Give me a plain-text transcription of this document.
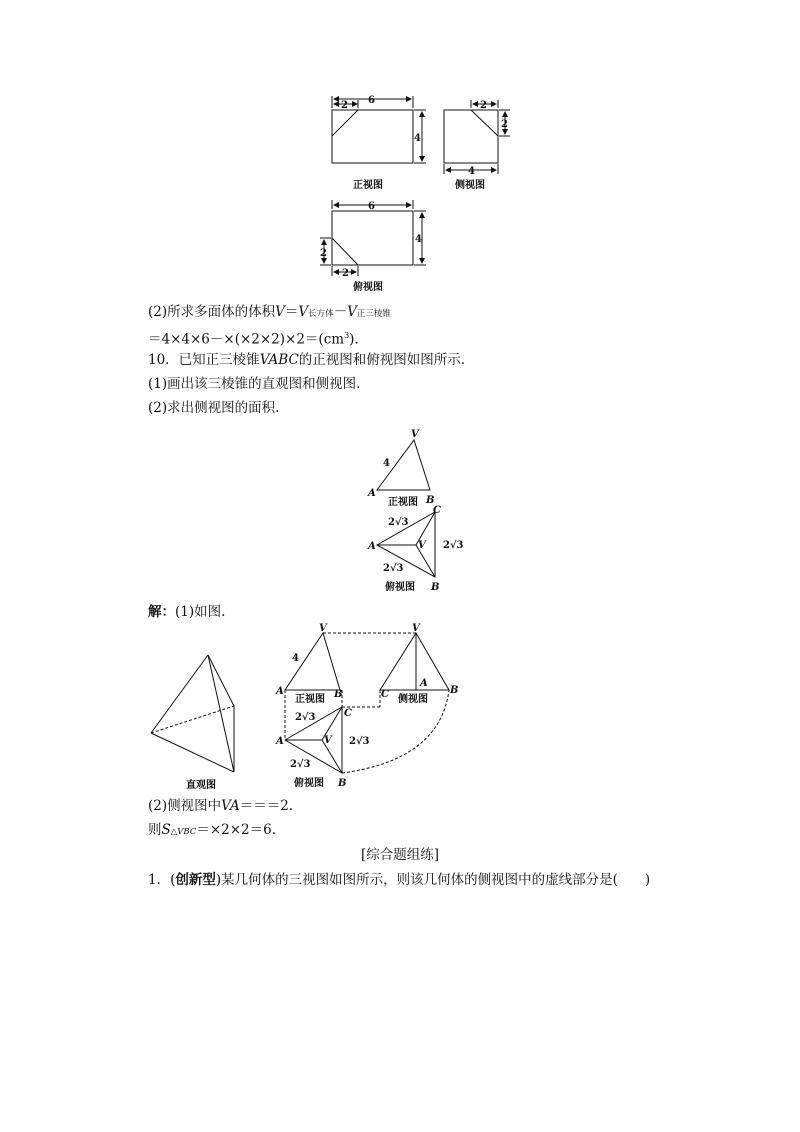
2 6
4
正视图
2
2
4
侧视图
6
4
2
2
俯视图
V
4
A
B
正视图
C
2√3
A	V 2√3
2√3
俯视图 B
直观图
V
4
A	B
正视图
V
C
A
B
侧视图
C
2√3
A	V 2√3
2√3
俯视图 B
(2)所求多面体的体积V＝V长方体－V正三棱锥
$=4\times 4\times 6-\times(\times 2\times 2)\times 2=(cm^3)$.
10．已知正三棱锥VABC的正视图和俯视图如图所示.
(1)画出该三棱锥的直观图和侧视图.
(2)求出侧视图的面积.
解：(1)如图.
(2)侧视图中VA＝＝＝2.
则S△VBC＝×2×2＝6.
[综合题组练]
1．(创新型)某几何体的三视图如图所示，则该几何体的侧视图中的虚线部分是(　　)
